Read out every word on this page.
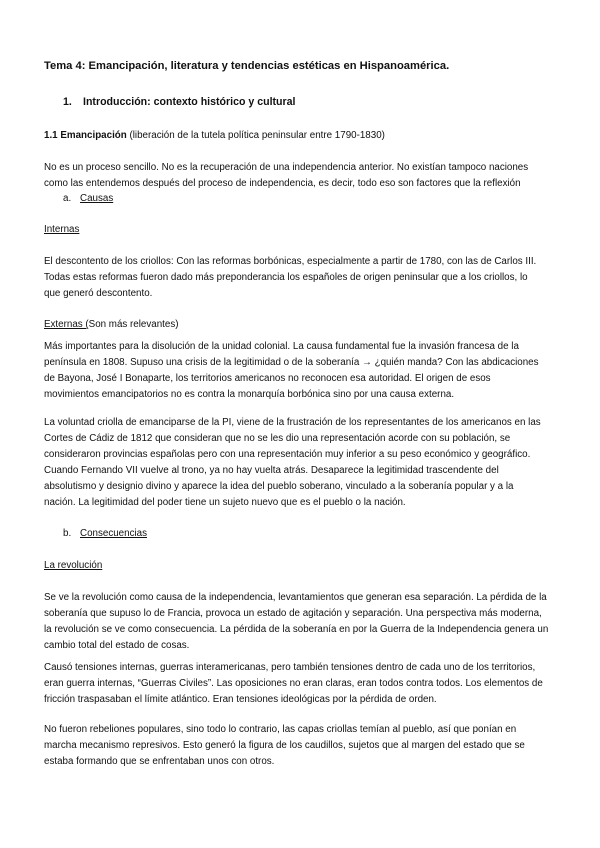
Tema 4: Emancipación, literatura y tendencias estéticas en Hispanoamérica.

1. Introducción: contexto histórico y cultural

1.1 Emancipación (liberación de la tutela política peninsular entre 1790-1830)

No es un proceso sencillo. No es la recuperación de una independencia anterior. No existían tampoco naciones

como las entendemos después del proceso de independencia, es decir, todo eso son factores que la reflexión

a. Causas

Internas

El descontento de los criollos: Con las reformas borbónicas, especialmente a partir de 1780, con las de Carlos III.

Todas estas reformas fueron dado más preponderancia los españoles de origen peninsular que a los criollos, lo

que generó descontento.

Externas (Son más relevantes)

Más importantes para la disolución de la unidad colonial. La causa fundamental fue la invasión francesa de la

península en 1808. Supuso una crisis de la legitimidad o de la soberanía → ¿quién manda? Con las abdicaciones

de Bayona, José I Bonaparte, los territorios americanos no reconocen esa autoridad. El origen de esos

movimientos emancipatorios no es contra la monarquía borbónica sino por una causa externa.

La voluntad criolla de emanciparse de la PI, viene de la frustración de los representantes de los americanos en las

Cortes de Cádiz de 1812 que consideran que no se les dio una representación acorde con su población, se

consideraron provincias españolas pero con una representación muy inferior a su peso económico y geográfico.

Cuando Fernando VII vuelve al trono, ya no hay vuelta atrás. Desaparece la legitimidad trascendente del

absolutismo y designio divino y aparece la idea del pueblo soberano, vinculado a la soberanía popular y a la

nación. La legitimidad del poder tiene un sujeto nuevo que es el pueblo o la nación.

b. Consecuencias

La revolución

Se ve la revolución como causa de la independencia, levantamientos que generan esa separación. La pérdida de la

soberanía que supuso lo de Francia, provoca un estado de agitación y separación. Una perspectiva más moderna,

la revolución se ve como consecuencia. La pérdida de la soberanía en por la Guerra de la Independencia genera un

cambio total del estado de cosas.

Causó tensiones internas, guerras interamericanas, pero también tensiones dentro de cada uno de los territorios,

eran guerra internas, “Guerras Civiles”. Las oposiciones no eran claras, eran todos contra todos. Los elementos de

fricción traspasaban el límite atlántico. Eran tensiones ideológicas por la pérdida de orden.

No fueron rebeliones populares, sino todo lo contrario, las capas criollas temían al pueblo, así que ponían en

marcha mecanismo represivos. Esto generó la figura de los caudillos, sujetos que al margen del estado que se

estaba formando que se enfrentaban unos con otros.
